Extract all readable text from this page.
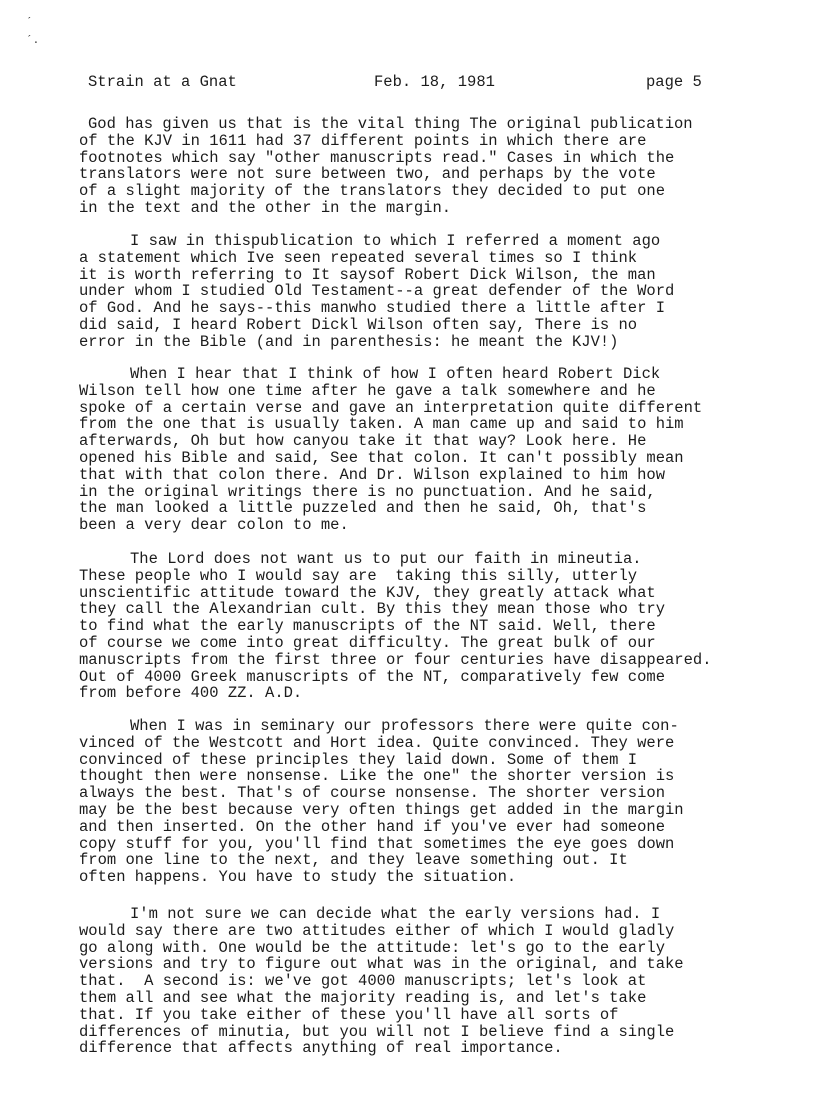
ˊ
´.
Strain at a Gnat	Feb. 18, 1981	page 5
God has given us that is the vital thing The original publication
of the KJV in 1611 had 37 different points in which there are
footnotes which say "other manuscripts read." Cases in which the
translators were not sure between two, and perhaps by the vote
of a slight majority of the translators they decided to put one
in the text and the other in the margin.
I saw in thispublication to which I referred a moment ago
a statement which Ive seen repeated several times so I think
it is worth referring to It saysof Robert Dick Wilson, the man
under whom I studied Old Testament--a great defender of the Word
of God. And he says--this manwho studied there a little after I
did said, I heard Robert Dickl Wilson often say, There is no
error in the Bible (and in parenthesis: he meant the KJV!)
When I hear that I think of how I often heard Robert Dick
Wilson tell how one time after he gave a talk somewhere and he
spoke of a certain verse and gave an interpretation quite different
from the one that is usually taken. A man came up and said to him
afterwards, Oh but how canyou take it that way? Look here. He
opened his Bible and said, See that colon. It can't possibly mean
that with that colon there. And Dr. Wilson explained to him how
in the original writings there is no punctuation. And he said,
the man looked a little puzzeled and then he said, Oh, that's
been a very dear colon to me.
The Lord does not want us to put our faith in mineutia.
These people who I would say are  taking this silly, utterly
unscientific attitude toward the KJV, they greatly attack what
they call the Alexandrian cult. By this they mean those who try
to find what the early manuscripts of the NT said. Well, there
of course we come into great difficulty. The great bulk of our
manuscripts from the first three or four centuries have disappeared.
Out of 4000 Greek manuscripts of the NT, comparatively few come
from before 400 ZZ. A.D.
When I was in seminary our professors there were quite con-
vinced of the Westcott and Hort idea. Quite convinced. They were
convinced of these principles they laid down. Some of them I
thought then were nonsense. Like the one" the shorter version is
always the best. That's of course nonsense. The shorter version
may be the best because very often things get added in the margin
and then inserted. On the other hand if you've ever had someone
copy stuff for you, you'll find that sometimes the eye goes down
from one line to the next, and they leave something out. It
often happens. You have to study the situation.
I'm not sure we can decide what the early versions had. I
would say there are two attitudes either of which I would gladly
go along with. One would be the attitude: let's go to the early
versions and try to figure out what was in the original, and take
that.  A second is: we've got 4000 manuscripts; let's look at
them all and see what the majority reading is, and let's take
that. If you take either of these you'll have all sorts of
differences of minutia, but you will not I believe find a single
difference that affects anything of real importance.
